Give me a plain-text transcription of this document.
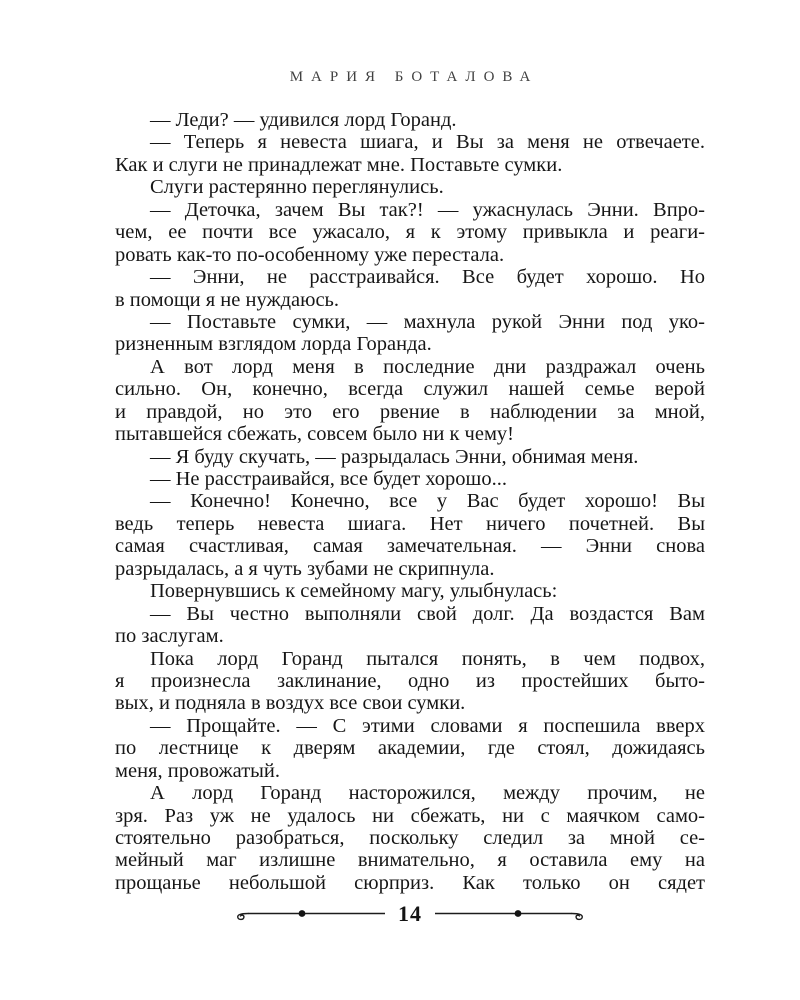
МАРИЯ БОТАЛОВА
— Леди? — удивился лорд Горанд.
— Теперь я невеста шиага, и Вы за меня не отвечаете.
Как и слуги не принадлежат мне. Поставьте сумки.
Слуги растерянно переглянулись.
— Деточка, зачем Вы так?! — ужаснулась Энни. Впро-
чем, ее почти все ужасало, я к этому привыкла и реаги-
ровать как-то по-особенному уже перестала.
— Энни, не расстраивайся. Все будет хорошо. Но
в помощи я не нуждаюсь.
— Поставьте сумки, — махнула рукой Энни под уко-
ризненным взглядом лорда Горанда.
А вот лорд меня в последние дни раздражал очень
сильно. Он, конечно, всегда служил нашей семье верой
и правдой, но это его рвение в наблюдении за мной,
пытавшейся сбежать, совсем было ни к чему!
— Я буду скучать, — разрыдалась Энни, обнимая меня.
— Не расстраивайся, все будет хорошо...
— Конечно! Конечно, все у Вас будет хорошо! Вы
ведь теперь невеста шиага. Нет ничего почетней. Вы
самая счастливая, самая замечательная. — Энни снова
разрыдалась, а я чуть зубами не скрипнула.
Повернувшись к семейному магу, улыбнулась:
— Вы честно выполняли свой долг. Да воздастся Вам
по заслугам.
Пока лорд Горанд пытался понять, в чем подвох,
я произнесла заклинание, одно из простейших быто-
вых, и подняла в воздух все свои сумки.
— Прощайте. — С этими словами я поспешила вверх
по лестнице к дверям академии, где стоял, дожидаясь
меня, провожатый.
А лорд Горанд насторожился, между прочим, не
зря. Раз уж не удалось ни сбежать, ни с маячком само-
стоятельно разобраться, поскольку следил за мной се-
мейный маг излишне внимательно, я оставила ему на
прощанье небольшой сюрприз. Как только он сядет
14
